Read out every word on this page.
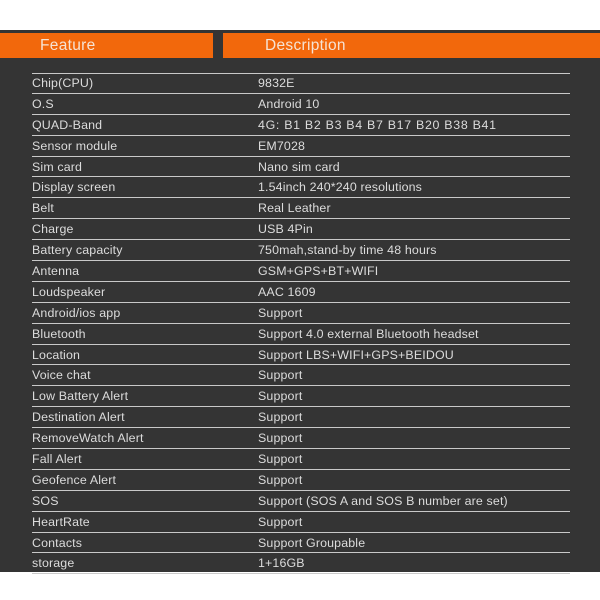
Feature	Description
Chip(CPU)	9832E
O.S	Android 10
QUAD-Band	4G: B1 B2 B3 B4 B7 B17 B20 B38 B41
Sensor module	EM7028
Sim card	Nano sim card
Display screen	1.54inch 240*240 resolutions
Belt	Real Leather
Charge	USB 4Pin
Battery capacity	750mah,stand-by time 48 hours
Antenna	GSM+GPS+BT+WIFI
Loudspeaker	AAC 1609
Android/ios app	Support
Bluetooth	Support 4.0 external Bluetooth headset
Location	Support LBS+WIFI+GPS+BEIDOU
Voice chat	Support
Low Battery Alert	Support
Destination Alert	Support
RemoveWatch Alert	Support
Fall Alert	Support
Geofence Alert	Support
SOS	Support (SOS A and SOS B number are set)
HeartRate	Support
Contacts	Support Groupable
storage	1+16GB
